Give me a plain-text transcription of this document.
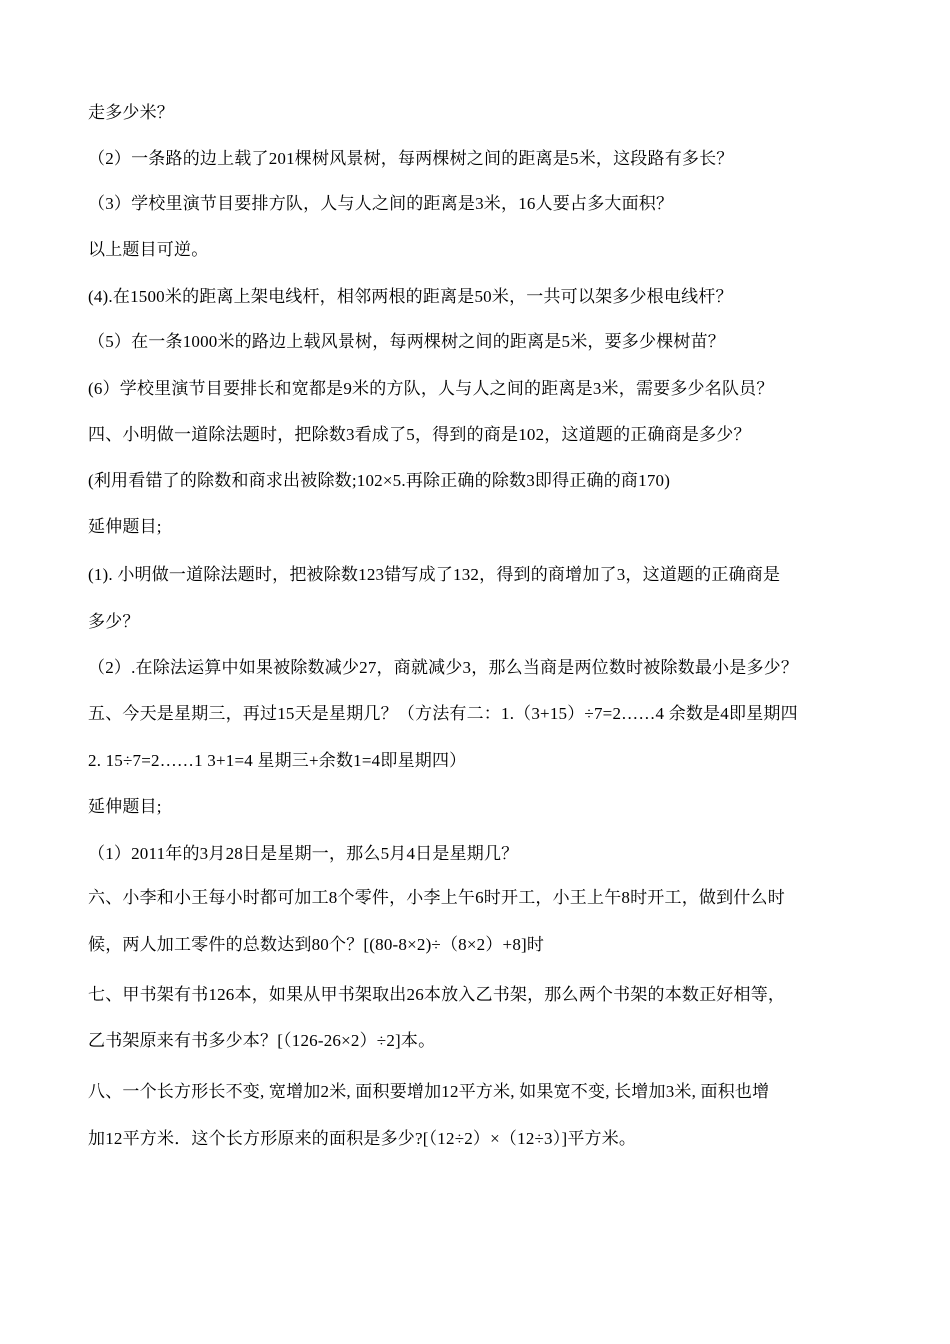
走多少米？
（2）一条路的边上载了201棵树风景树，每两棵树之间的距离是5米，这段路有多长？
（3）学校里演节目要排方队，人与人之间的距离是3米，16人要占多大面积？
以上题目可逆。
(4).在1500米的距离上架电线杆，相邻两根的距离是50米，一共可以架多少根电线杆？
（5）在一条1000米的路边上载风景树，每两棵树之间的距离是5米，要多少棵树苗？
(6）学校里演节目要排长和宽都是9米的方队，人与人之间的距离是3米，需要多少名队员？
四、小明做一道除法题时，把除数3看成了5，得到的商是102，这道题的正确商是多少？
(利用看错了的除数和商求出被除数;102×5.再除正确的除数3即得正确的商170)
延伸题目;
(1). 小明做一道除法题时，把被除数123错写成了132，得到的商增加了3，这道题的正确商是
多少？
（2）.在除法运算中如果被除数减少27，商就减少3，那么当商是两位数时被除数最小是多少？
五、今天是星期三，再过15天是星期几？（方法有二：1.（3+15）÷7=2……4 余数是4即星期四
2. 15÷7=2……1 3+1=4 星期三+余数1=4即星期四）
延伸题目;
（1）2011年的3月28日是星期一，那么5月4日是星期几？
六、小李和小王每小时都可加工8个零件，小李上午6时开工，小王上午8时开工，做到什么时
候，两人加工零件的总数达到80个？[(80-8×2)÷（8×2）+8]时
七、甲书架有书126本，如果从甲书架取出26本放入乙书架，那么两个书架的本数正好相等，
乙书架原来有书多少本？[（126-26×2）÷2]本。
八、一个长方形长不变, 宽增加2米, 面积要增加12平方米, 如果宽不变, 长增加3米, 面积也增
加12平方米．这个长方形原来的面积是多少?[（12÷2）×（12÷3）]平方米。
